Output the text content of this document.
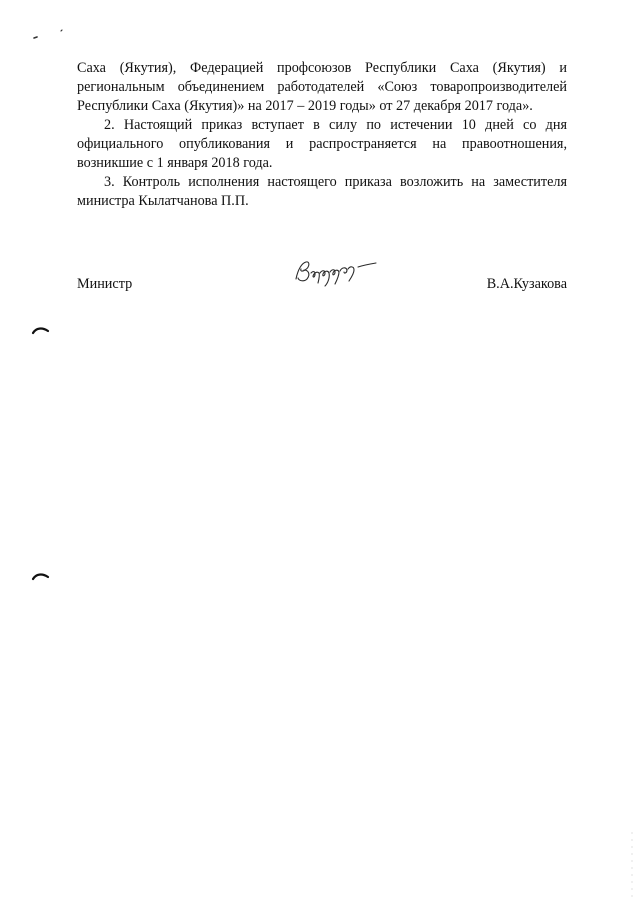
Саха (Якутия), Федерацией профсоюзов Республики Саха (Якутия) и региональным объединением работодателей «Союз товаропроизводителей Республики Саха (Якутия)» на 2017 – 2019 годы» от 27 декабря 2017 года».

2. Настоящий приказ вступает в силу по истечении 10 дней со дня официального опубликования и распространяется на правоотношения, возникшие с 1 января 2018 года.

3. Контроль исполнения настоящего приказа возложить на заместителя министра Кылатчанова П.П.

Министр	В.А.Кузакова
